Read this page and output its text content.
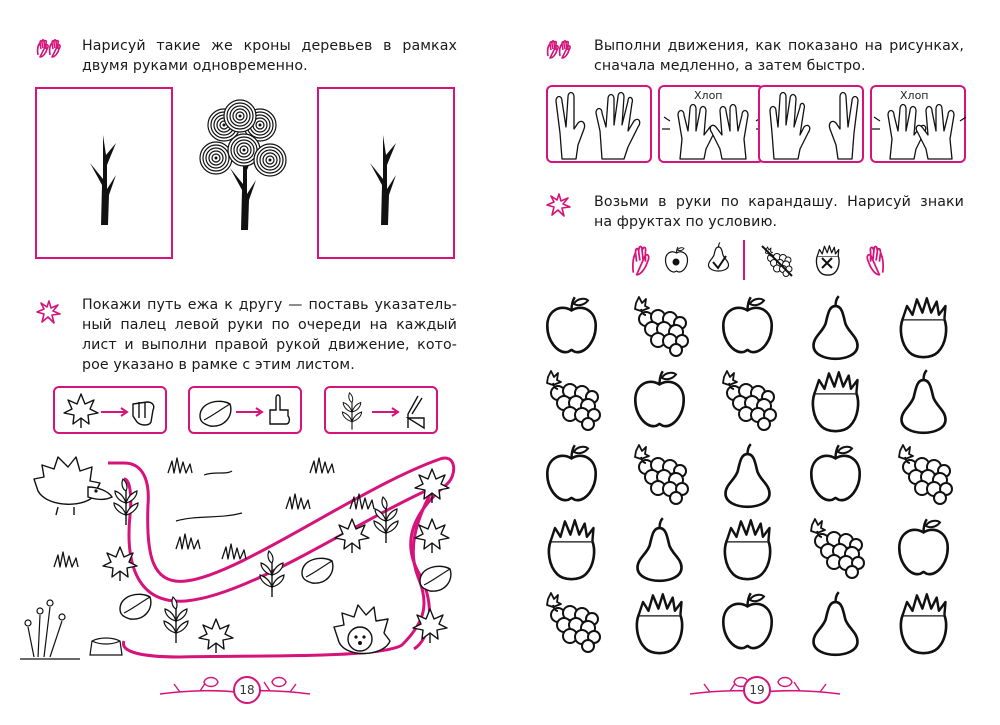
Нарисуй такие же кроны деревьев в рамках
двумя руками одновременно.
Покажи путь ежа к другу — поставь указатель-
ный палец левой руки по очереди на каждый
лист и выполни правой рукой движение, кото-
рое указано в рамке с этим листом.
18
Выполни движения, как показано на рисунках,
сначала медленно, а затем быстро.
Хлоп	Хлоп
Возьми в руки по карандашу. Нарисуй знаки
на фруктах по условию.
19
